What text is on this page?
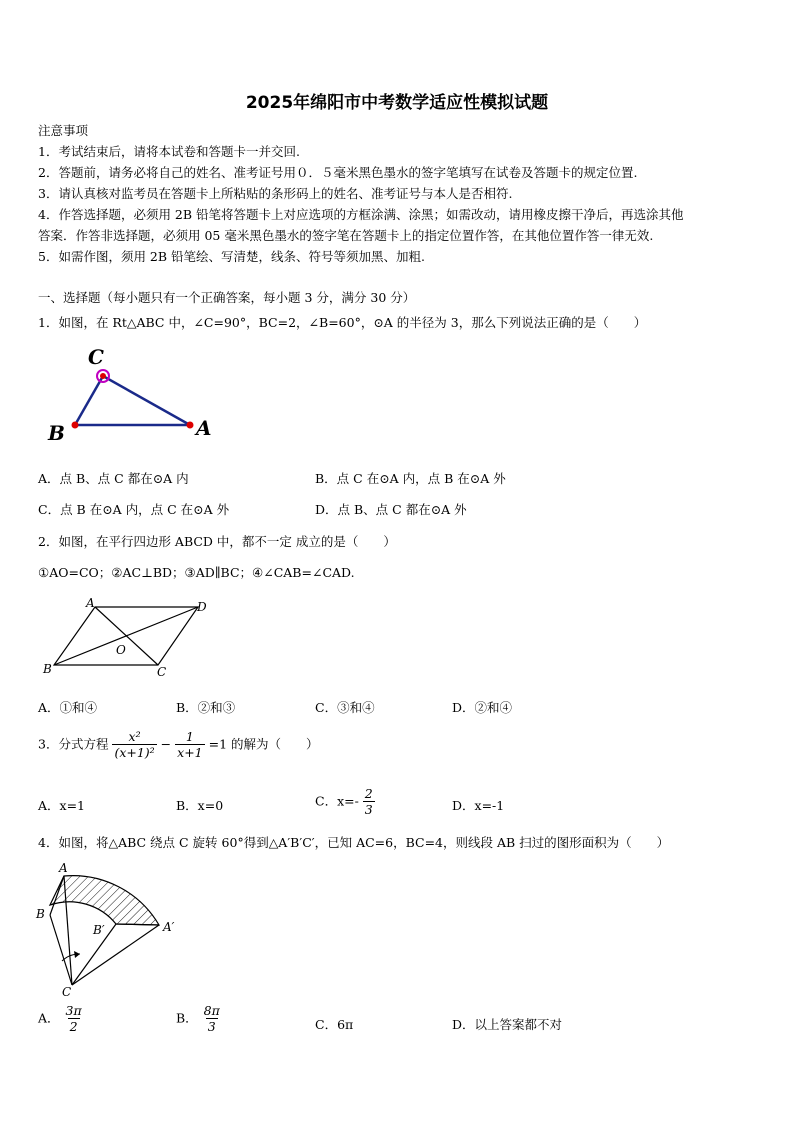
2025年绵阳市中考数学适应性模拟试题
注意事项
1．考试结束后，请将本试卷和答题卡一并交回.
2．答题前，请务必将自己的姓名、准考证号用０．５毫米黑色墨水的签字笔填写在试卷及答题卡的规定位置.
3．请认真核对监考员在答题卡上所粘贴的条形码上的姓名、准考证号与本人是否相符.
4．作答选择题，必须用 2B 铅笔将答题卡上对应选项的方框涂满、涂黑；如需改动，请用橡皮擦干净后，再选涂其他
答案．作答非选择题，必须用 05 毫米黑色墨水的签字笔在答题卡上的指定位置作答，在其他位置作答一律无效.
5．如需作图，须用 2B 铅笔绘、写清楚，线条、符号等须加黑、加粗.
一、选择题（每小题只有一个正确答案，每小题 3 分，满分 30 分）
1．如图，在 Rt△ABC 中，∠C=90°，BC=2，∠B=60°，⊙A 的半径为 3，那么下列说法正确的是（　　）
C
B	A
A．点 B、点 C 都在⊙A 内	B．点 C 在⊙A 内，点 B 在⊙A 外
C．点 B 在⊙A 内，点 C 在⊙A 外	D．点 B、点 C 都在⊙A 外
2．如图，在平行四边形 ABCD 中，都不一定 成立的是（　　）
①AO=CO；②AC⊥BD；③AD∥BC；④∠CAB=∠CAD.
A	D
B	C
O
A．①和④	B．②和③	C．③和④	D．②和④
3．分式方程 $\frac{\text{x²}}{\text{(x+1)²}} - \frac{1}{x+1} =1$ 的解为（　　）
A．x=1	B．x=0	C．$x=- \frac{2}{3}$	D．x=-1
4．如图，将△ABC 绕点 C 旋转 60°得到△A′B′C′，已知 AC=6，BC=4，则线段 AB 扫过的图形面积为（　　）
A
B
B′	A′
C
A． $\frac{3\pi}{2}$	B． $\frac{8\pi}{3}$	C．6π	D．以上答案都不对
